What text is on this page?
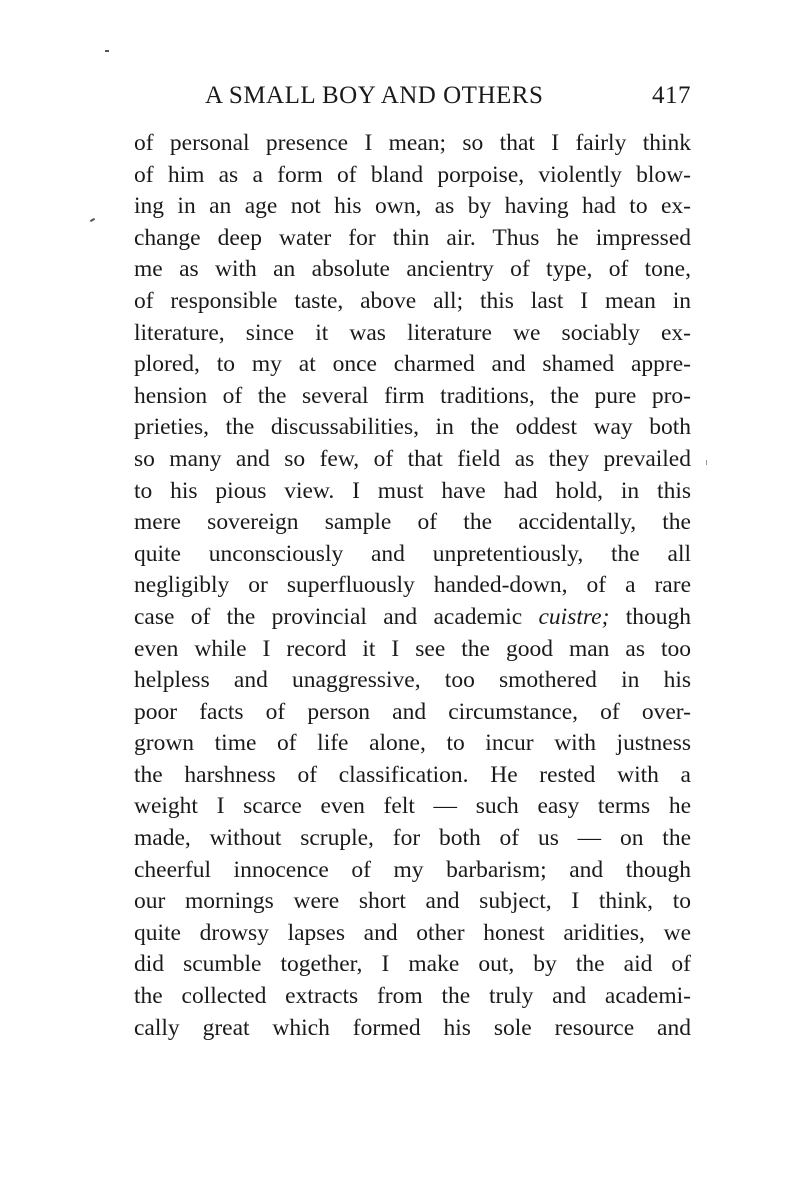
A SMALL BOY AND OTHERS	417
of personal presence I mean; so that I fairly think
of him as a form of bland porpoise, violently blow-
ing in an age not his own, as by having had to ex-
change deep water for thin air. Thus he impressed
me as with an absolute ancientry of type, of tone,
of responsible taste, above all; this last I mean in
literature, since it was literature we sociably ex-
plored, to my at once charmed and shamed appre-
hension of the several firm traditions, the pure pro-
prieties, the discussabilities, in the oddest way both
so many and so few, of that field as they prevailed
to his pious view. I must have had hold, in this
mere sovereign sample of the accidentally, the
quite unconsciously and unpretentiously, the all
negligibly or superfluously handed-down, of a rare
case of the provincial and academic cuistre; though
even while I record it I see the good man as too
helpless and unaggressive, too smothered in his
poor facts of person and circumstance, of over-
grown time of life alone, to incur with justness
the harshness of classification. He rested with a
weight I scarce even felt — such easy terms he
made, without scruple, for both of us — on the
cheerful innocence of my barbarism; and though
our mornings were short and subject, I think, to
quite drowsy lapses and other honest aridities, we
did scumble together, I make out, by the aid of
the collected extracts from the truly and academi-
cally great which formed his sole resource and
